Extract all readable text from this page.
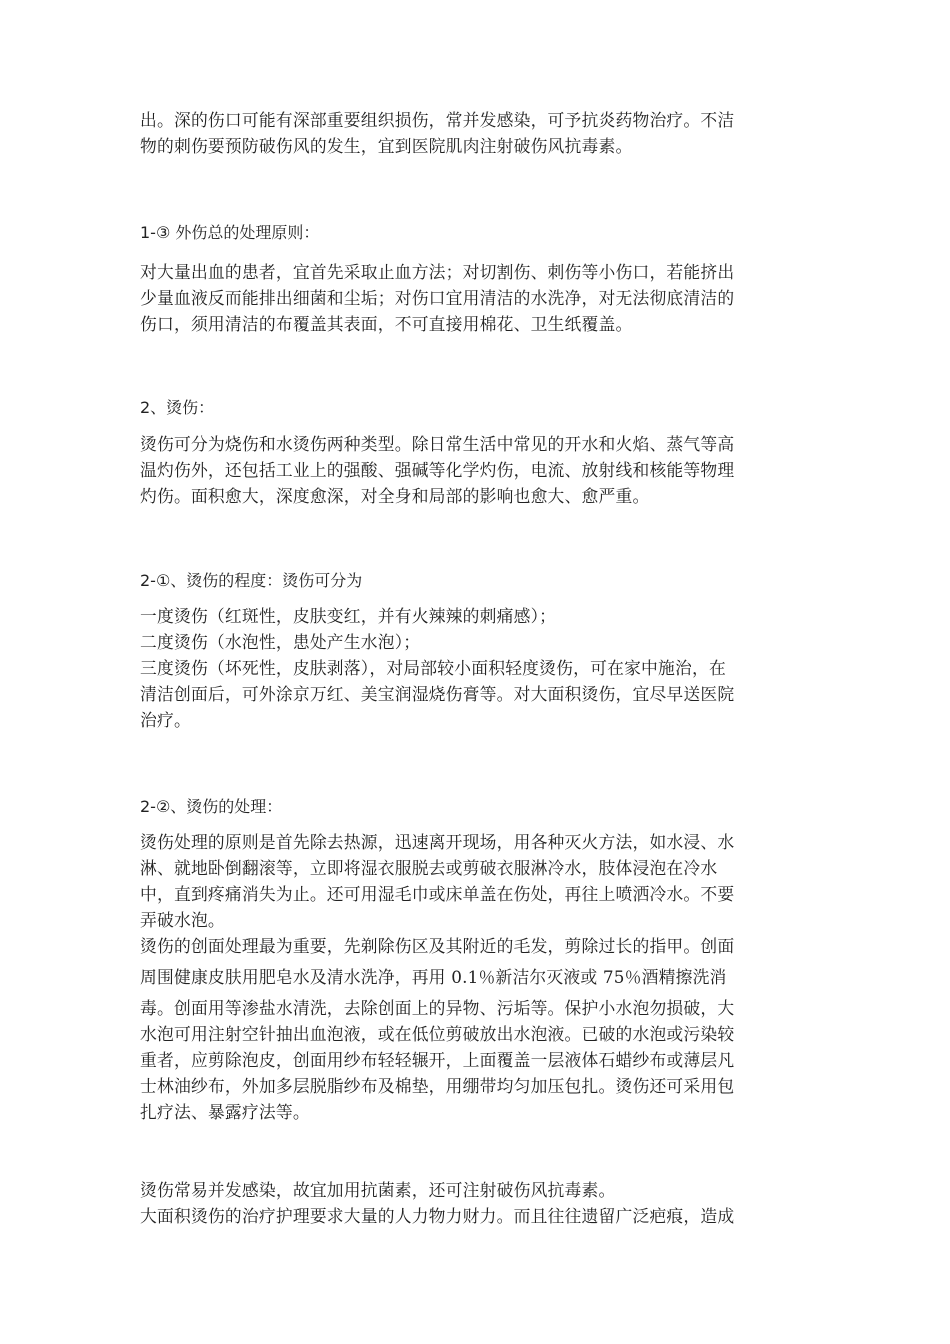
出。深的伤口可能有深部重要组织损伤，常并发感染，可予抗炎药物治疗。不洁
物的刺伤要预防破伤风的发生，宜到医院肌肉注射破伤风抗毒素。

1-③ 外伤总的处理原则：

对大量出血的患者，宜首先采取止血方法；对切割伤、刺伤等小伤口，若能挤出
少量血液反而能排出细菌和尘垢；对伤口宜用清洁的水洗净，对无法彻底清洁的
伤口，须用清洁的布覆盖其表面，不可直接用棉花、卫生纸覆盖。

2、烫伤：

烫伤可分为烧伤和水烫伤两种类型。除日常生活中常见的开水和火焰、蒸气等高
温灼伤外，还包括工业上的强酸、强碱等化学灼伤，电流、放射线和核能等物理
灼伤。面积愈大，深度愈深，对全身和局部的影响也愈大、愈严重。

2-①、烫伤的程度：烫伤可分为

一度烫伤（红斑性，皮肤变红，并有火辣辣的刺痛感）；
二度烫伤（水泡性，患处产生水泡）；
三度烫伤（坏死性，皮肤剥落），对局部较小面积轻度烫伤，可在家中施治，在
清洁创面后，可外涂京万红、美宝润湿烧伤膏等。对大面积烫伤，宜尽早送医院
治疗。

2-②、烫伤的处理：

烫伤处理的原则是首先除去热源，迅速离开现场，用各种灭火方法，如水浸、水
淋、就地卧倒翻滚等，立即将湿衣服脱去或剪破衣服淋冷水，肢体浸泡在冷水
中，直到疼痛消失为止。还可用湿毛巾或床单盖在伤处，再往上喷洒冷水。不要
弄破水泡。
烫伤的创面处理最为重要，先剃除伤区及其附近的毛发，剪除过长的指甲。创面
周围健康皮肤用肥皂水及清水洗净，再用 0.1％新洁尔灭液或 75％酒精擦洗消
毒。创面用等渗盐水清洗，去除创面上的异物、污垢等。保护小水泡勿损破，大
水泡可用注射空针抽出血泡液，或在低位剪破放出水泡液。已破的水泡或污染较
重者，应剪除泡皮，创面用纱布轻轻辗开，上面覆盖一层液体石蜡纱布或薄层凡
士林油纱布，外加多层脱脂纱布及棉垫，用绷带均匀加压包扎。烫伤还可采用包
扎疗法、暴露疗法等。

烫伤常易并发感染，故宜加用抗菌素，还可注射破伤风抗毒素。
大面积烫伤的治疗护理要求大量的人力物力财力。而且往往遗留广泛疤痕，造成
